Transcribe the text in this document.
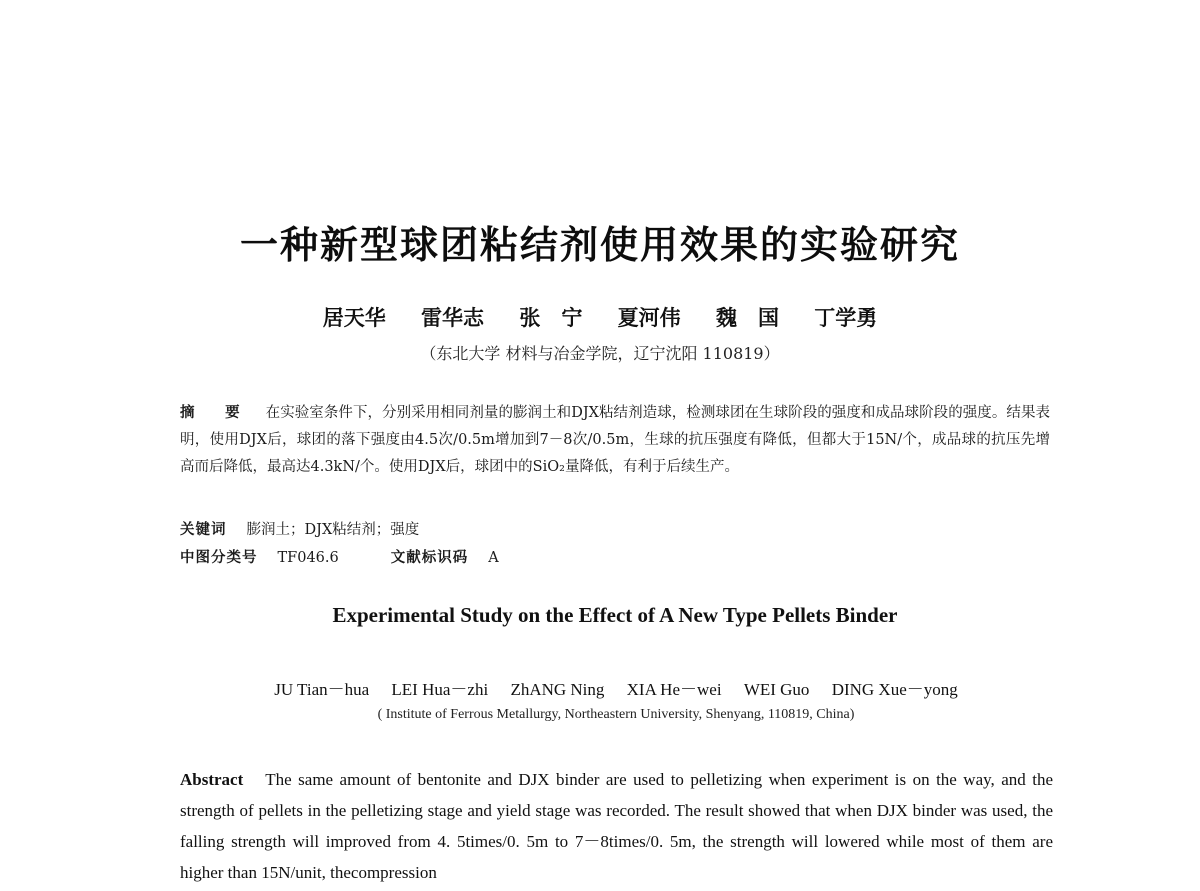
一种新型球团粘结剂使用效果的实验研究
居天华 雷华志 张　宁 夏河伟 魏　国 丁学勇
（东北大学 材料与冶金学院，辽宁沈阳 110819）
摘　要 在实验室条件下，分别采用相同剂量的膨润土和DJX粘结剂造球，检测球团在生球阶段的强度和成品球阶段的强度。结果表明，使用DJX后，球团的落下强度由4.5次/0.5m增加到7－8次/0.5m，生球的抗压强度有降低，但都大于15N/个，成品球的抗压先增高而后降低，最高达4.3kN/个。使用DJX后，球团中的SiO₂量降低，有利于后续生产。
关键词 膨润土；DJX粘结剂；强度
中图分类号 TF046.6	文献标识码 A
Experimental Study on the Effect of A New Type Pellets Binder
JU Tian－hua LEI Hua－zhi ZhANG Ning XIA He－wei WEI Guo DING Xue－yong
( Institute of Ferrous Metallurgy, Northeastern University, Shenyang, 110819, China)
Abstract The same amount of bentonite and DJX binder are used to pelletizing when experiment is on the way, and the strength of pellets in the pelletizing stage and yield stage was recorded. The result showed that when DJX binder was used, the falling strength will improved from 4. 5times/0. 5m to 7－8times/0. 5m, the strength will lowered while most of them are higher than 15N/unit, thecompression
